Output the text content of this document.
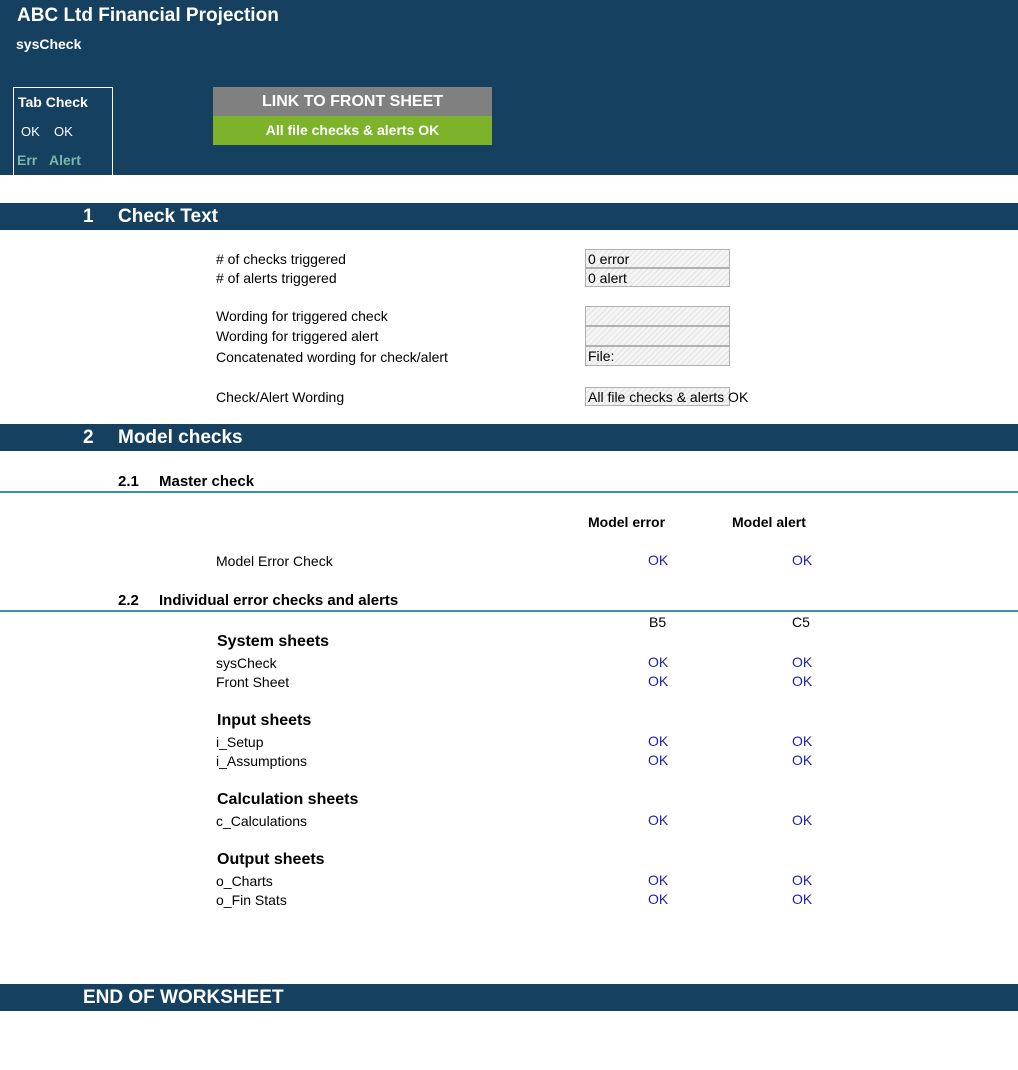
ABC Ltd Financial Projection
sysCheck
Tab Check
OK OK
Err Alert
LINK TO FRONT SHEET
All file checks & alerts OK
1 Check Text
# of checks triggered	0 error
# of alerts triggered	0 alert
Wording for triggered check
Wording for triggered alert
Concatenated wording for check/alert	File:
Check/Alert Wording	All file checks & alerts OK
2 Model checks
2.1 Master check
Model error	Model alert
Model Error Check	OK	OK
2.2 Individual error checks and alerts
B5	C5
System sheets
sysCheck	OK	OK
Front Sheet	OK	OK
Input sheets
i_Setup	OK	OK
i_Assumptions	OK	OK
Calculation sheets
c_Calculations	OK	OK
Output sheets
o_Charts	OK	OK
o_Fin Stats	OK	OK
END OF WORKSHEET
